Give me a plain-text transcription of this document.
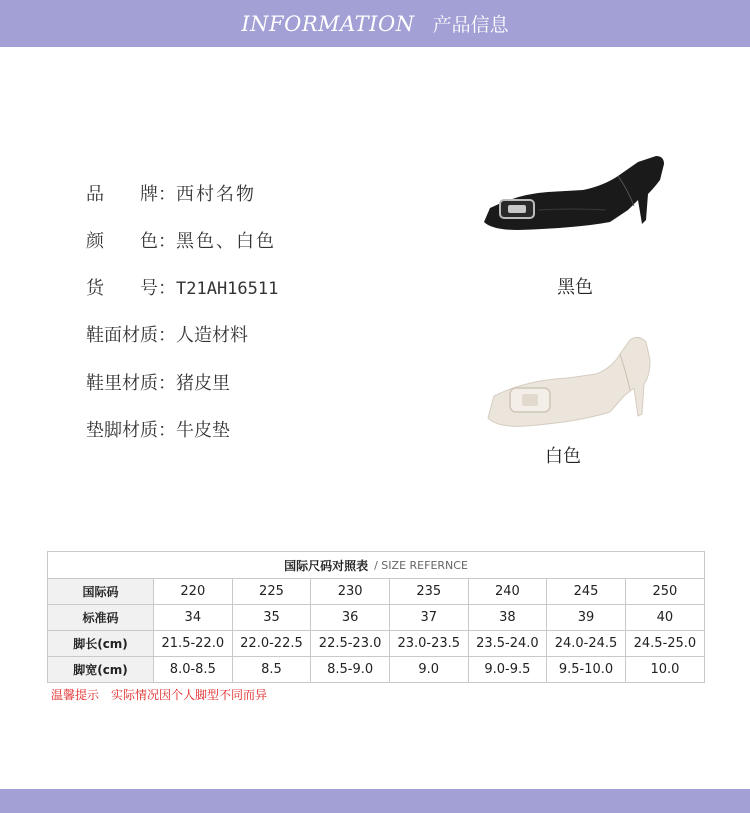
INFORMATION 产品信息
品　　牌：西村名物
颜　　色：黑色、白色
货　　号：T21AH16511
鞋面材质：人造材料
鞋里材质：猪皮里
垫脚材质：牛皮垫
黑色
白色
国际尺码对照表 / SIZE REFERNCE
国际码	220	225	230	235	240	245	250
标准码	34	35	36	37	38	39	40
脚长(cm)	21.5-22.0	22.0-22.5	22.5-23.0	23.0-23.5	23.5-24.0	24.0-24.5	24.5-25.0
脚宽(cm)	8.0-8.5	8.5	8.5-9.0	9.0	9.0-9.5	9.5-10.0	10.0
温馨提示　实际情况因个人脚型不同而异
